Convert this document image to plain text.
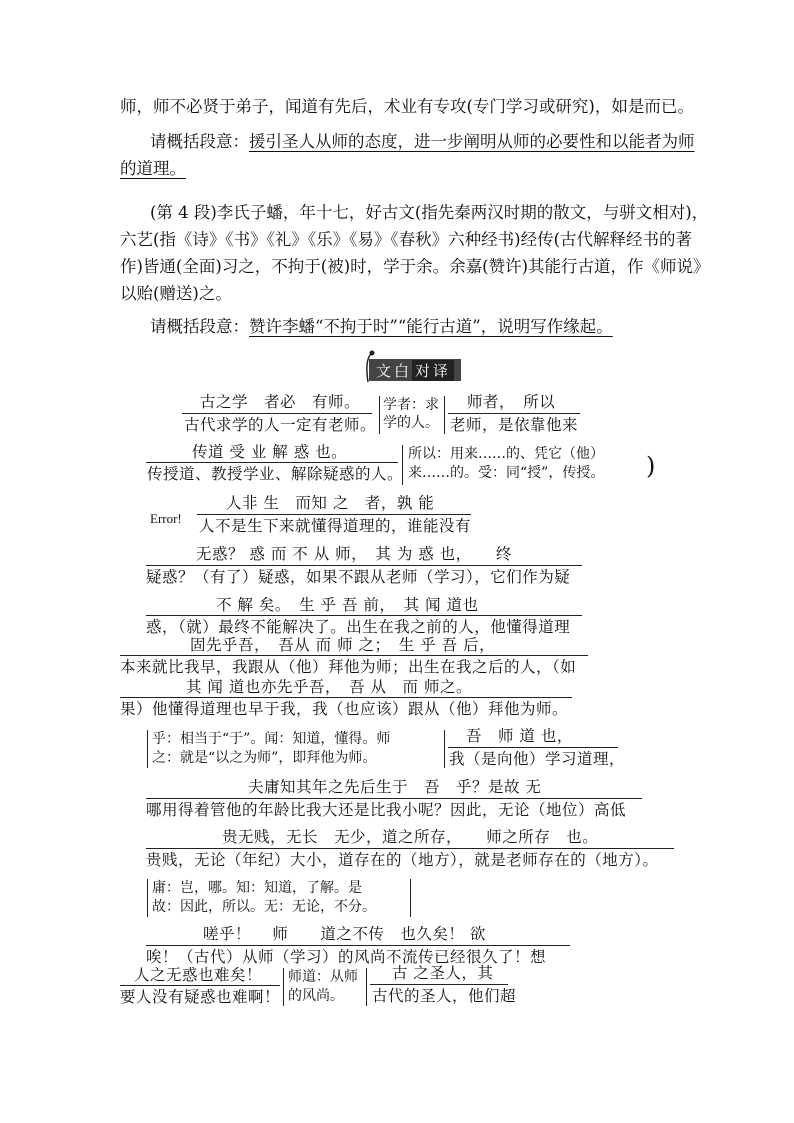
师，师不必贤于弟子，闻道有先后，术业有专攻(专门学习或研究)，如是而已。
请概括段意：援引圣人从师的态度，进一步阐明从师的必要性和以能者为师
的道理。
(第 4 段)李氏子蟠，年十七，好古文(指先秦两汉时期的散文，与骈文相对)，
六艺(指《诗》《书》《礼》《乐》《易》《春秋》六种经书)经传(古代解释经书的著
作)皆通(全面)习之，不拘于(被)时，学于余。余嘉(赞许)其能行古道，作《师说》
以贻(赠送)之。
请概括段意：赞许李蟠“不拘于时”“能行古道”，说明写作缘起。
文白 对译
古之学　者必　有师。
古代求学的人一定有老师。
学者：求
学的人。
师者，　所以
老师，是依靠他来
传道 受 业 解 惑 也。
传授道、教授学业、解除疑惑的人。
所以：用来……的、凭它（他）
来……的。受：同“授”，传授。 )
Error!
人非 生　而知 之　者，孰 能
人不是生下来就懂得道理的，谁能没有
无惑？ 惑 而 不 从 师，　其 为 惑 也，　　终
疑惑？（有了）疑惑，如果不跟从老师（学习），它们作为疑
不 解 矣。　生 乎 吾 前，　其 闻 道也
惑，（就）最终不能解决了。出生在我之前的人，他懂得道理
固先乎吾，　吾从 而 师 之；　生 乎 吾 后，
本来就比我早，我跟从（他）拜他为师；出生在我之后的人，（如
其 闻 道也亦先乎吾，　吾 从　而 师之。
果）他懂得道理也早于我，我（也应该）跟从（他）拜他为师。
乎：相当于“于”。闻：知道，懂得。师
之：就是“以之为师”，即拜他为师。
吾　师 道 也，
我（是向他）学习道理，
夫庸知其年之先后生于　吾　乎？是故 无
哪用得着管他的年龄比我大还是比我小呢？因此，无论（地位）高低
贵无贱，无长　无少，道之所存，　　师之所存　也。
贵贱，无论（年纪）大小，道存在的（地方），就是老师存在的（地方）。
庸：岂，哪。知：知道，了解。是
故：因此，所以。无：无论，不分。
嗟乎！　 师　　道之不传　也久矣！ 欲
唉！（古代）从师（学习）的风尚不流传已经很久了！想
人之无惑也难矣！
要人没有疑惑也难啊！
师道：从师
的风尚。
古 之圣人，其
古代的圣人，他们超
